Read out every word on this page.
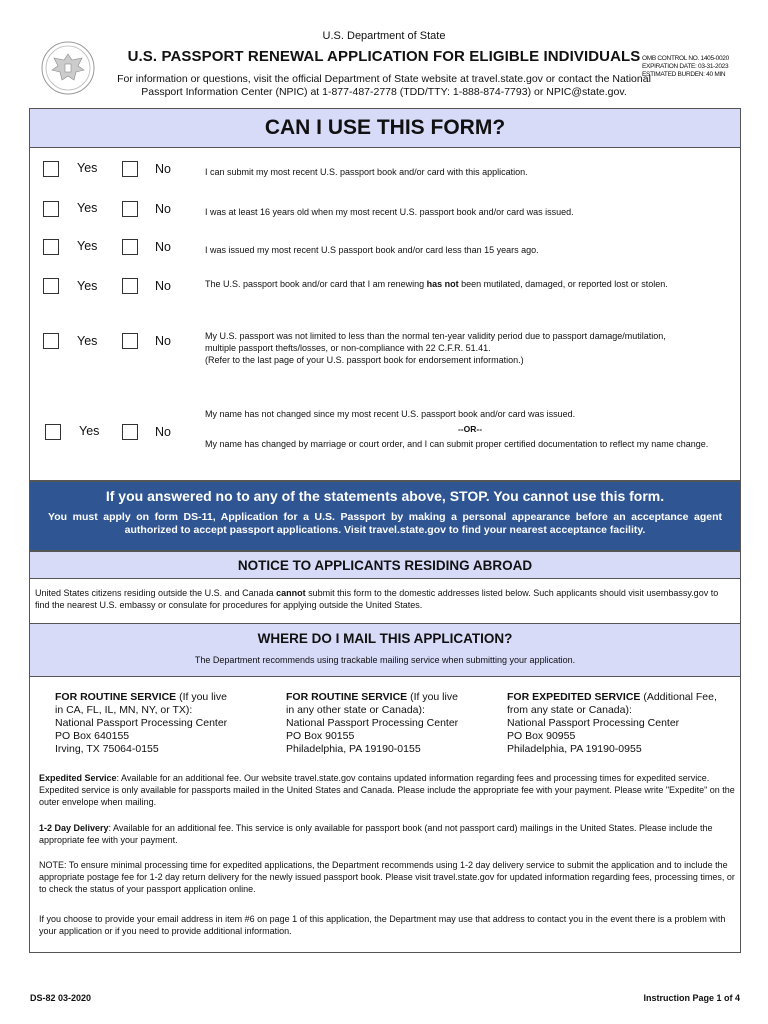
U.S. Department of State
U.S. PASSPORT RENEWAL APPLICATION FOR ELIGIBLE INDIVIDUALS OMB CONTROL NO. 1405-0020
EXPIRATION DATE: 03-31-2023
ESTIMATED BURDEN: 40 MIN
For information or questions, visit the official Department of State website at travel.state.gov or contact the National
Passport Information Center (NPIC) at 1-877-487-2778 (TDD/TTY: 1-888-874-7793) or NPIC@state.gov.
CAN I USE THIS FORM?
Yes	No	I can submit my most recent U.S. passport book and/or card with this application.
Yes	No	I was at least 16 years old when my most recent U.S. passport book and/or card was issued.
Yes	No	I was issued my most recent U.S passport book and/or card less than 15 years ago.
Yes	No	The U.S. passport book and/or card that I am renewing has not been mutilated, damaged, or reported lost or stolen.
Yes	No	My U.S. passport was not limited to less than the normal ten-year validity period due to passport damage/mutilation,
multiple passport thefts/losses, or non-compliance with 22 C.F.R. 51.41.
(Refer to the last page of your U.S. passport book for endorsement information.)
Yes	No
My name has not changed since my most recent U.S. passport book and/or card was issued.
--OR--
My name has changed by marriage or court order, and I can submit proper certified documentation to reflect my name change.
If you answered no to any of the statements above, STOP. You cannot use this form.
You must apply on form DS-11, Application for a U.S. Passport by making a personal appearance before an acceptance agent authorized to accept passport applications. Visit travel.state.gov to find your nearest acceptance facility.
NOTICE TO APPLICANTS RESIDING ABROAD
United States citizens residing outside the U.S. and Canada cannot submit this form to the domestic addresses listed below. Such applicants should visit usembassy.gov to find the nearest U.S. embassy or consulate for procedures for applying outside the United States.
WHERE DO I MAIL THIS APPLICATION?
The Department recommends using trackable mailing service when submitting your application.
FOR ROUTINE SERVICE (If you live
in CA, FL, IL, MN, NY, or TX):
National Passport Processing Center
PO Box 640155
Irving, TX 75064-0155
FOR ROUTINE SERVICE (If you live
in any other state or Canada):
National Passport Processing Center
PO Box 90155
Philadelphia, PA 19190-0155
FOR EXPEDITED SERVICE (Additional Fee,
from any state or Canada):
National Passport Processing Center
PO Box 90955
Philadelphia, PA 19190-0955
Expedited Service: Available for an additional fee. Our website travel.state.gov contains updated information regarding fees and processing times for expedited service. Expedited service is only available for passports mailed in the United States and Canada. Please include the appropriate fee with your payment. Please write "Expedite" on the outer envelope when mailing.
1-2 Day Delivery: Available for an additional fee. This service is only available for passport book (and not passport card) mailings in the United States. Please include the appropriate fee with your payment.
NOTE: To ensure minimal processing time for expedited applications, the Department recommends using 1-2 day delivery service to submit the application and to include the appropriate postage fee for 1-2 day return delivery for the newly issued passport book. Please visit travel.state.gov for updated information regarding fees, processing times, or to check the status of your passport application online.
If you choose to provide your email address in item #6 on page 1 of this application, the Department may use that address to contact you in the event there is a problem with your application or if you need to provide additional information.
DS-82 03-2020	Instruction Page 1 of 4
